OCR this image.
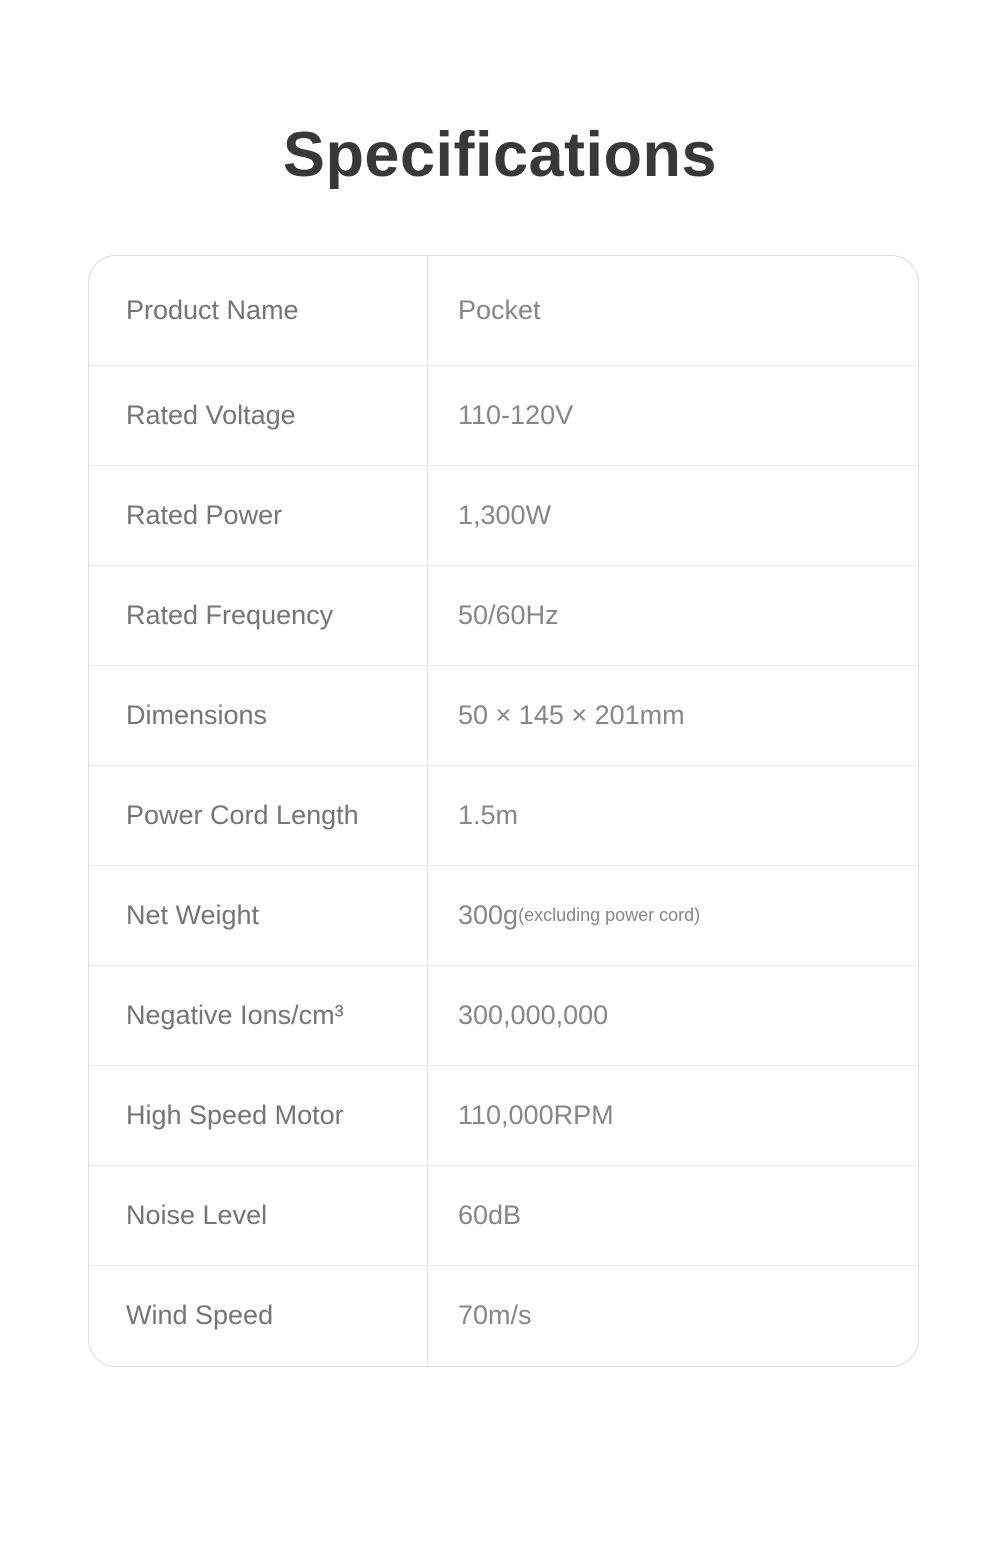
Specifications
Product Name	Pocket
Rated Voltage	110-120V
Rated Power	1,300W
Rated Frequency	50/60Hz
Dimensions	50 × 145 × 201mm
Power Cord Length	1.5m
Net Weight	300g (excluding power cord)
Negative Ions/cm³	300,000,000
High Speed Motor	110,000RPM
Noise Level	60dB
Wind Speed	70m/s
